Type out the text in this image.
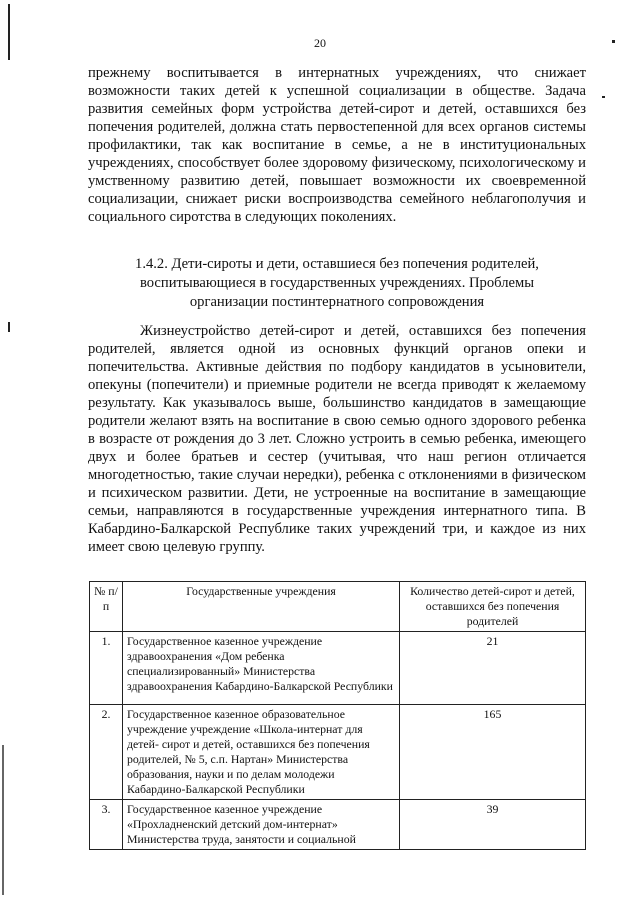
20

прежнему воспитывается в интернатных учреждениях, что снижает возможности таких детей к успешной социализации в обществе. Задача развития семейных форм устройства детей-сирот и детей, оставшихся без попечения родителей, должна стать первостепенной для всех органов системы профилактики, так как воспитание в семье, а не в институциональных учреждениях, способствует более здоровому физическому, психологическому и умственному развитию детей, повышает возможности их своевременной социализации, снижает риски воспроизводства семейного неблагополучия и социального сиротства в следующих поколениях.

1.4.2. Дети-сироты и дети, оставшиеся без попечения родителей,
воспитывающиеся в государственных учреждениях. Проблемы
организации постинтернатного сопровождения

Жизнеустройство детей-сирот и детей, оставшихся без попечения родителей, является одной из основных функций органов опеки и попечительства. Активные действия по подбору кандидатов в усыновители, опекуны (попечители) и приемные родители не всегда приводят к желаемому результату. Как указывалось выше, большинство кандидатов в замещающие родители желают взять на воспитание в свою семью одного здорового ребенка в возрасте от рождения до 3 лет. Сложно устроить в семью ребенка, имеющего двух и более братьев и сестер (учитывая, что наш регион отличается многодетностью, такие случаи нередки), ребенка с отклонениями в физическом и психическом развитии. Дети, не устроенные на воспитание в замещающие семьи, направляются в государственные учреждения интернатного типа. В Кабардино-Балкарской Республике таких учреждений три, и каждое из них имеет свою целевую группу.

№ п/п	Государственные учреждения	Количество детей-сирот и детей, оставшихся без попечения родителей
1.	Государственное казенное учреждение здравоохранения «Дом ребенка специализированный» Министерства здравоохранения Кабардино-Балкарской Республики	21
2.	Государственное казенное образовательное учреждение учреждение «Школа-интернат для детей- сирот и детей, оставшихся без попечения родителей, № 5, с.п. Нартан» Министерства образования, науки и по делам молодежи Кабардино-Балкарской Республики	165
3.	Государственное казенное учреждение «Прохладненский детский дом-интернат» Министерства труда, занятости и социальной	39
